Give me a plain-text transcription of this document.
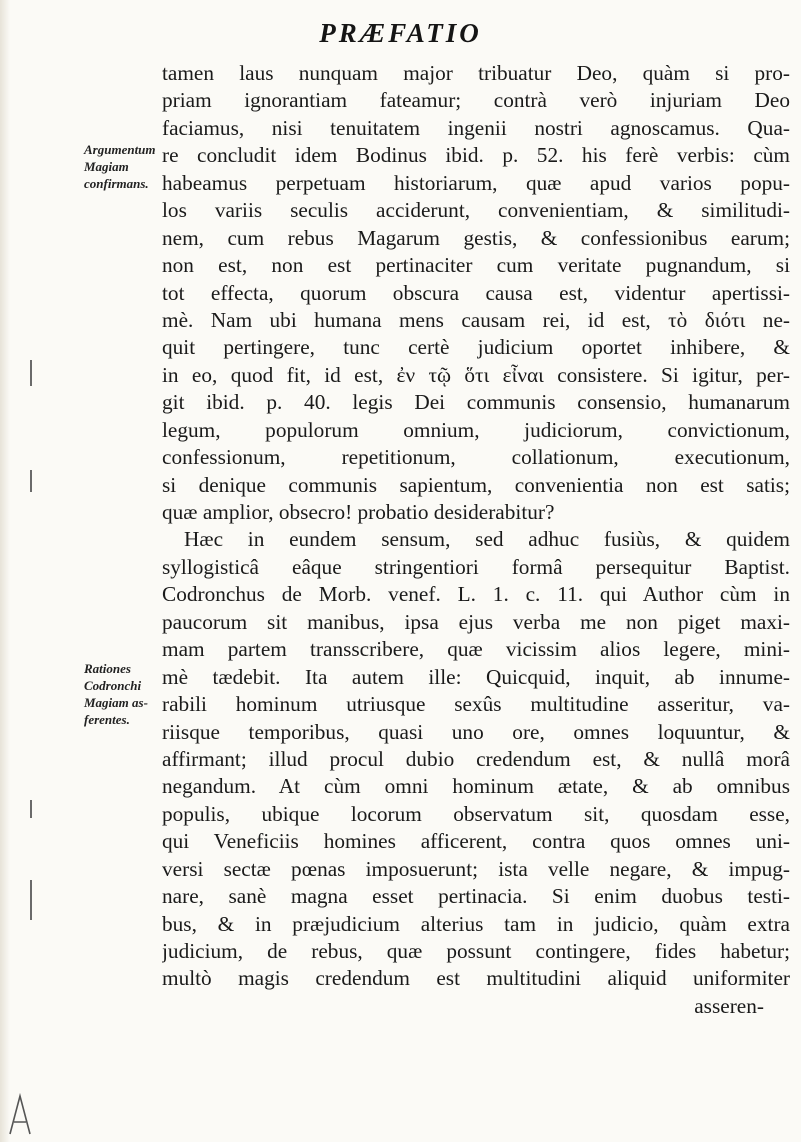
PRÆFATIO
Argumentum
Magiam
confirmans.
Rationes
Codronchi
Magiam as-
ferentes.
tamen laus nunquam major tribuatur Deo, quàm si pro-
priam ignorantiam fateamur; contrà verò injuriam Deo
faciamus, nisi tenuitatem ingenii nostri agnoscamus. Qua-
re concludit idem Bodinus ibid. p. 52. his ferè verbis: cùm
habeamus perpetuam historiarum, quæ apud varios popu-
los variis seculis acciderunt, convenientiam, & similitudi-
nem, cum rebus Magarum gestis, & confessionibus earum;
non est, non est pertinaciter cum veritate pugnandum, si
tot effecta, quorum obscura causa est, videntur apertissi-
mè. Nam ubi humana mens causam rei, id est, τὸ διότι ne-
quit pertingere, tunc certè judicium oportet inhibere, &
in eo, quod fit, id est, ἐν τῷ ὅτι εἶναι consistere. Si igitur, per-
git ibid. p. 40. legis Dei communis consensio, humanarum
legum, populorum omnium, judiciorum, convictionum,
confessionum, repetitionum, collationum, executionum,
si denique communis sapientum, convenientia non est satis;
quæ amplior, obsecro! probatio desiderabitur?
Hæc in eundem sensum, sed adhuc fusiùs, & quidem
syllogisticâ eâque stringentiori formâ persequitur Baptist.
Codronchus de Morb. venef. L. 1. c. 11. qui Author cùm in
paucorum sit manibus, ipsa ejus verba me non piget maxi-
mam partem transscribere, quæ vicissim alios legere, mini-
mè tædebit. Ita autem ille: Quicquid, inquit, ab innume-
rabili hominum utriusque sexûs multitudine asseritur, va-
riisque temporibus, quasi uno ore, omnes loquuntur, &
affirmant; illud procul dubio credendum est, & nullâ morâ
negandum. At cùm omni hominum ætate, & ab omnibus
populis, ubique locorum observatum sit, quosdam esse,
qui Veneficiis homines afficerent, contra quos omnes uni-
versi sectæ pœnas imposuerunt; ista velle negare, & impug-
nare, sanè magna esset pertinacia. Si enim duobus testi-
bus, & in præjudicium alterius tam in judicio, quàm extra
judicium, de rebus, quæ possunt contingere, fides habetur;
multò magis credendum est multitudini aliquid uniformiter
asseren-
